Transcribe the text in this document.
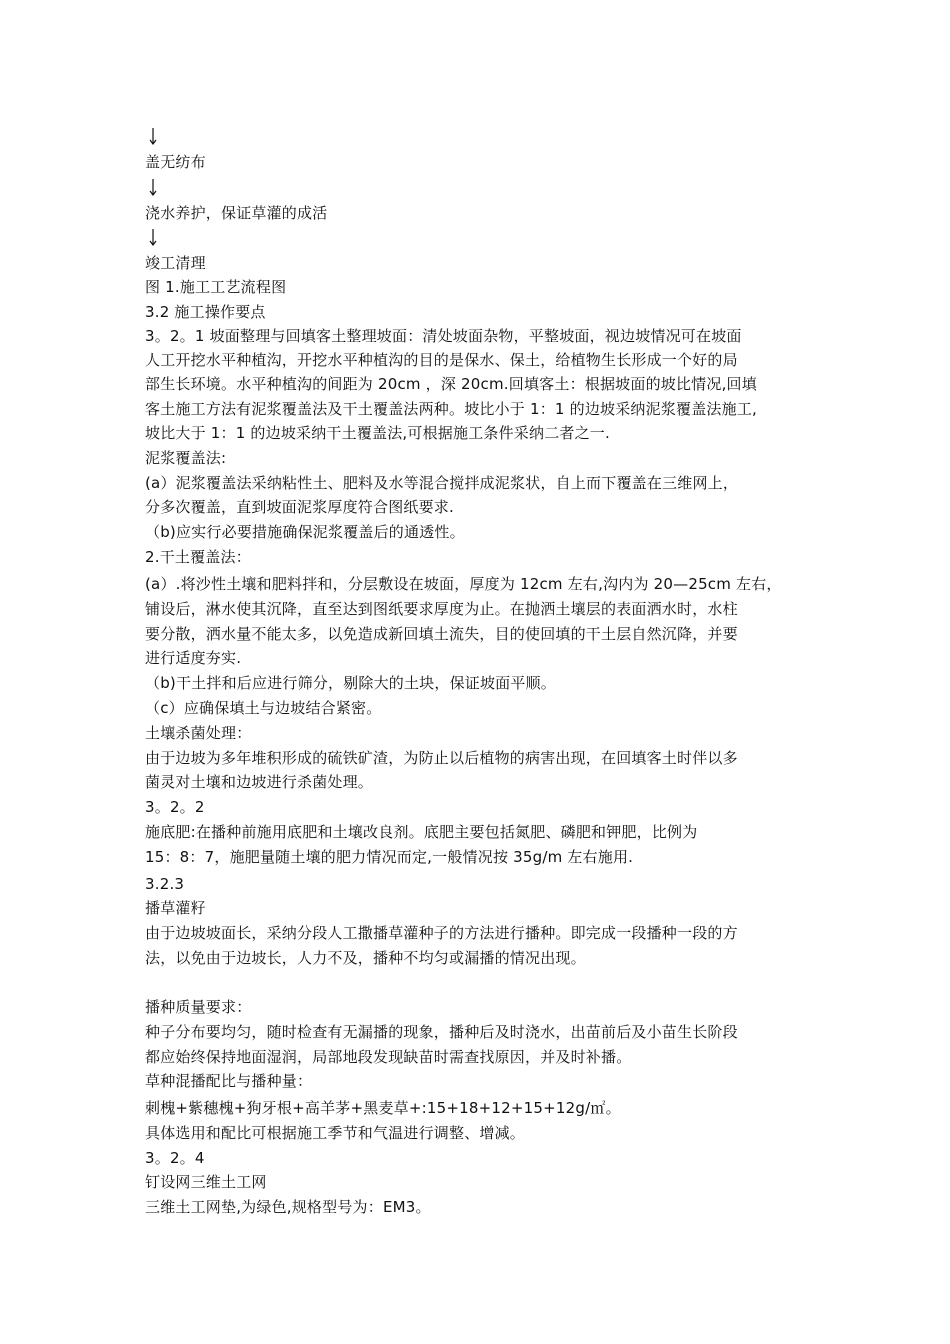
盖无纺布
浇水养护，保证草灌的成活
竣工清理
图 1.施工工艺流程图
3.2 施工操作要点
3。2。1 坡面整理与回填客土整理坡面：清处坡面杂物，平整坡面，视边坡情况可在坡面
人工开挖水平种植沟，开挖水平种植沟的目的是保水、保土，给植物生长形成一个好的局
部生长环境。水平种植沟的间距为 20cm ，深 20cm.回填客土：根据坡面的坡比情况,回填
客土施工方法有泥浆覆盖法及干土覆盖法两种。坡比小于 1：1 的边坡采纳泥浆覆盖法施工,
坡比大于 1：1 的边坡采纳干土覆盖法,可根据施工条件采纳二者之一.
泥浆覆盖法:
(a）泥浆覆盖法采纳粘性土、肥料及水等混合搅拌成泥浆状，自上而下覆盖在三维网上，
分多次覆盖，直到坡面泥浆厚度符合图纸要求.
（b)应实行必要措施确保泥浆覆盖后的通透性。
2.干土覆盖法：
(a）.将沙性土壤和肥料拌和，分层敷设在坡面，厚度为 12cm 左右,沟内为 20—25cm 左右，
铺设后，淋水使其沉降，直至达到图纸要求厚度为止。在抛洒土壤层的表面洒水时，水柱
要分散，洒水量不能太多，以免造成新回填土流失，目的使回填的干土层自然沉降，并要
进行适度夯实.
（b)干土拌和后应进行筛分，剔除大的土块，保证坡面平顺。
（c）应确保填土与边坡结合紧密。
土壤杀菌处理：
由于边坡为多年堆积形成的硫铁矿渣，为防止以后植物的病害出现，在回填客土时伴以多
菌灵对土壤和边坡进行杀菌处理。
3。2。2
施底肥:在播种前施用底肥和土壤改良剂。底肥主要包括氮肥、磷肥和钾肥，比例为
15：8：7，施肥量随土壤的肥力情况而定,一般情况按 35g/m 左右施用.
3.2.3
播草灌籽
由于边坡坡面长，采纳分段人工撒播草灌种子的方法进行播种。即完成一段播种一段的方
法，以免由于边坡长，人力不及，播种不均匀或漏播的情况出现。
播种质量要求：
种子分布要均匀，随时检查有无漏播的现象，播种后及时浇水，出苗前后及小苗生长阶段
都应始终保持地面湿润，局部地段发现缺苗时需查找原因，并及时补播。
草种混播配比与播种量：
刺槐+紫穗槐+狗牙根+高羊茅+黑麦草+:15+18+12+15+12g/㎡。
具体选用和配比可根据施工季节和气温进行调整、增减。
3。2。4
钉设网三维土工网
三维土工网垫,为绿色,规格型号为：EM3。
